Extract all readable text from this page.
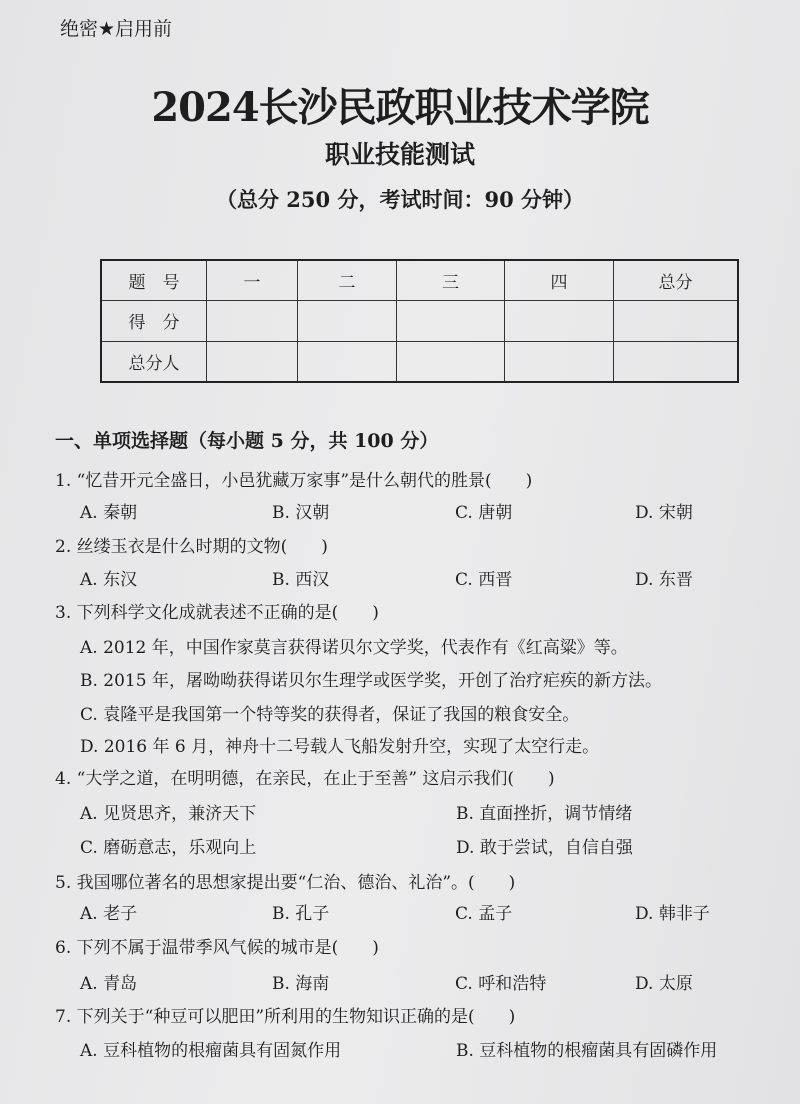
绝密★启用前
2024长沙民政职业技术学院
职业技能测试
（总分 250 分，考试时间：90 分钟）
题　号	一	二	三	四	总分
得　分					
总分人					
一、单项选择题（每小题 5 分，共 100 分）
1. “忆昔开元全盛日，小邑犹藏万家事”是什么朝代的胜景(　　)
A. 秦朝	B. 汉朝	C. 唐朝	D. 宋朝
2. 丝缕玉衣是什么时期的文物(　　)
A. 东汉	B. 西汉	C. 西晋	D. 东晋
3. 下列科学文化成就表述不正确的是(　　)
A. 2012 年，中国作家莫言获得诺贝尔文学奖，代表作有《红高粱》等。
B. 2015 年，屠呦呦获得诺贝尔生理学或医学奖，开创了治疗疟疾的新方法。
C. 袁隆平是我国第一个特等奖的获得者，保证了我国的粮食安全。
D. 2016 年 6 月，神舟十二号载人飞船发射升空，实现了太空行走。
4. “大学之道，在明明德，在亲民，在止于至善” 这启示我们(　　)
A. 见贤思齐，兼济天下	B. 直面挫折，调节情绪
C. 磨砺意志，乐观向上	D. 敢于尝试，自信自强
5. 我国哪位著名的思想家提出要“仁治、德治、礼治”。(　　)
A. 老子	B. 孔子	C. 孟子	D. 韩非子
6. 下列不属于温带季风气候的城市是(　　)
A. 青岛	B. 海南	C. 呼和浩特	D. 太原
7. 下列关于“种豆可以肥田”所利用的生物知识正确的是(　　)
A. 豆科植物的根瘤菌具有固氮作用	B. 豆科植物的根瘤菌具有固磷作用
